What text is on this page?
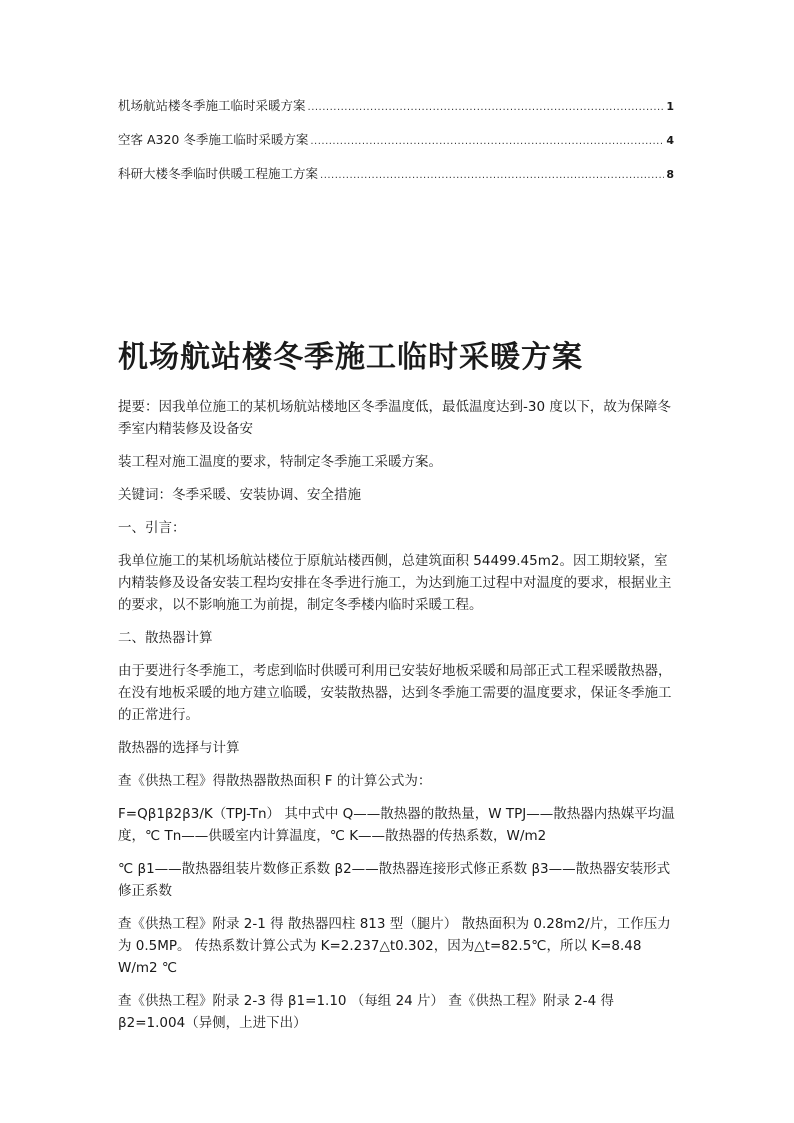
机场航站楼冬季施工临时采暖方案 .....	1
空客 A320 冬季施工临时采暖方案 .....	4
科研大楼冬季临时供暖工程施工方案 .....	8
机场航站楼冬季施工临时采暖方案

提要：因我单位施工的某机场航站楼地区冬季温度低，最低温度达到-30 度以下，故为保障冬季室内精装修及设备安

装工程对施工温度的要求，特制定冬季施工采暖方案。

关键词：冬季采暖、安装协调、安全措施

一、引言：

我单位施工的某机场航站楼位于原航站楼西侧，总建筑面积 54499.45m2。因工期较紧，室内精装修及设备安装工程均安排在冬季进行施工，为达到施工过程中对温度的要求，根据业主的要求，以不影响施工为前提，制定冬季楼内临时采暖工程。

二、散热器计算

由于要进行冬季施工，考虑到临时供暖可利用已安装好地板采暖和局部正式工程采暖散热器，在没有地板采暖的地方建立临暖，安装散热器，达到冬季施工需要的温度要求，保证冬季施工的正常进行。

散热器的选择与计算

查《供热工程》得散热器散热面积 F 的计算公式为：

F=Qβ1β2β3/K（TPJ-Tn） 其中式中 Q——散热器的散热量，W TPJ——散热器内热媒平均温度，℃ Tn——供暖室内计算温度，℃ K——散热器的传热系数，W/m2

℃ β1——散热器组装片数修正系数 β2——散热器连接形式修正系数 β3——散热器安装形式修正系数

查《供热工程》附录 2-1 得 散热器四柱 813 型（腿片） 散热面积为 0.28m2/片，工作压力为 0.5MP。 传热系数计算公式为 K=2.237△t0.302，因为△t=82.5℃，所以 K=8.48 W/m2 ℃

查《供热工程》附录 2-3 得 β1=1.10 （每组 24 片） 查《供热工程》附录 2-4 得 β2=1.004（异侧，上进下出）
